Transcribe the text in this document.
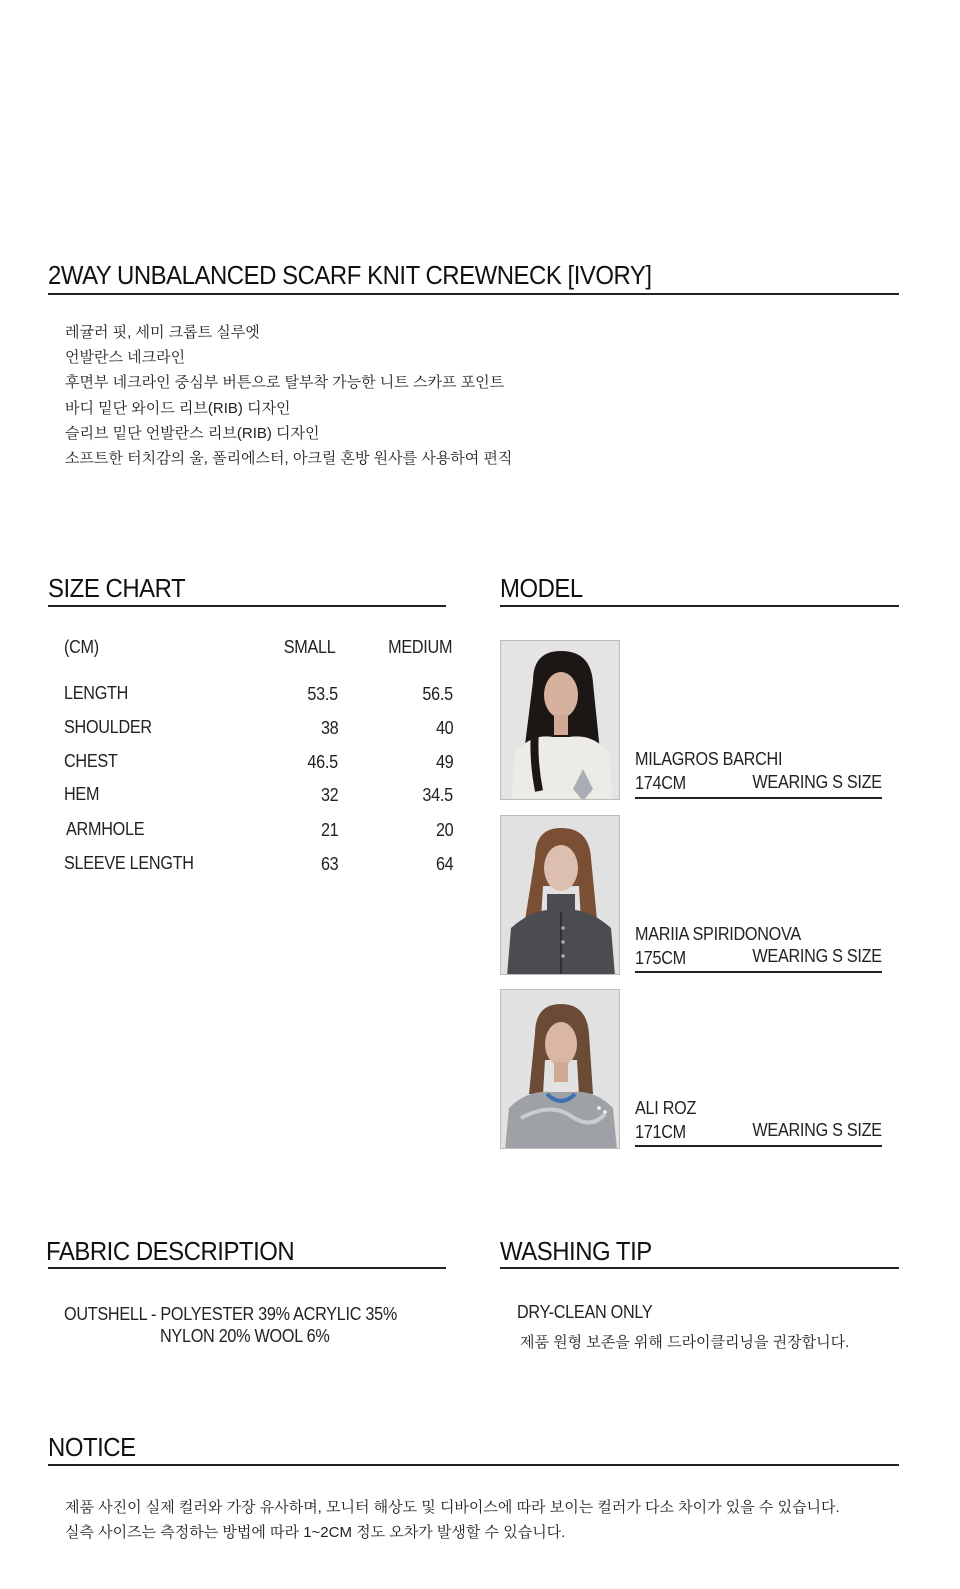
2WAY UNBALANCED SCARF KNIT CREWNECK [IVORY]
레귤러 핏, 세미 크롭트 실루엣
언발란스 네크라인
후면부 네크라인 중심부 버튼으로 탈부착 가능한 니트 스카프 포인트
바디 밑단 와이드 리브(RIB) 디자인
슬리브 밑단 언발란스 리브(RIB) 디자인
소프트한 터치감의 울, 폴리에스터, 아크릴 혼방 원사를 사용하여 편직
SIZE CHART
(CM)	SMALL	MEDIUM
LENGTH	53.5	56.5
SHOULDER	38	40
CHEST	46.5	49
HEM	32	34.5
ARMHOLE	21	20
SLEEVE LENGTH	63	64
MODEL
MILAGROS BARCHI
174CM	WEARING S SIZE
MARIIA SPIRIDONOVA
175CM	WEARING S SIZE
ALI ROZ
171CM	WEARING S SIZE
FABRIC DESCRIPTION
OUTSHELL - POLYESTER 39% ACRYLIC 35%
NYLON 20% WOOL 6%
WASHING TIP
DRY-CLEAN ONLY
제품 원형 보존을 위해 드라이클리닝을 권장합니다.
NOTICE
제품 사진이 실제 컬러와 가장 유사하며, 모니터 해상도 및 디바이스에 따라 보이는 컬러가 다소 차이가 있을 수 있습니다.
실측 사이즈는 측정하는 방법에 따라 1~2CM 정도 오차가 발생할 수 있습니다.
